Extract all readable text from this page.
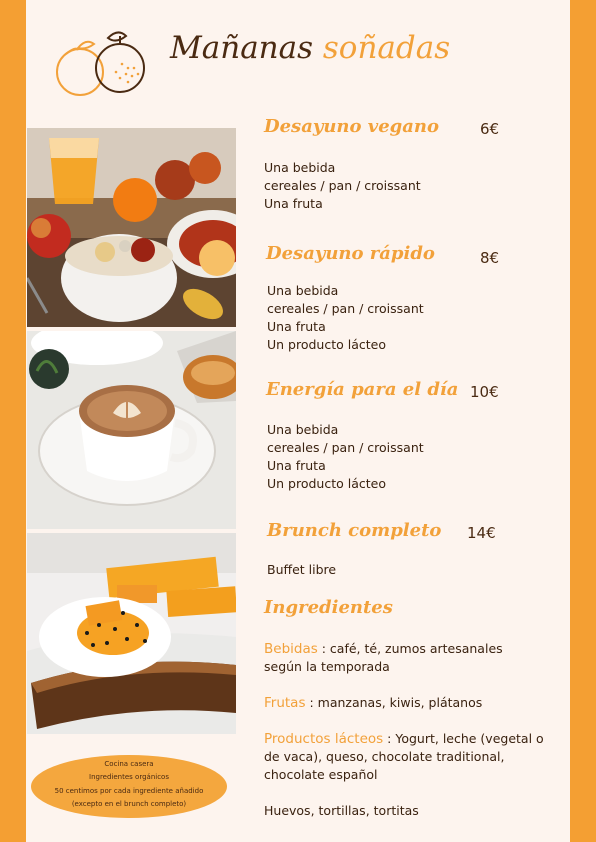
Mañanas soñadas
Desayuno vegano	6€
Una bebida
cereales / pan / croissant
Una fruta
Desayuno rápido	8€
Una bebida
cereales / pan / croissant
Una fruta
Un producto lácteo
Energía para el día 10€
Una bebida
cereales / pan / croissant
Una fruta
Un producto lácteo
Brunch completo 14€
Buffet libre
Ingredientes
Bebidas : café, té, zumos artesanales según la temporada
Frutas : manzanas, kiwis, plátanos
Productos lácteos : Yogurt, leche (vegetal o de vaca), queso, chocolate traditional, chocolate español
Huevos, tortillas, tortitas
Cocina casera
Ingredientes orgánicos
50 centimos por cada ingrediente añadido
(excepto en el brunch completo)
